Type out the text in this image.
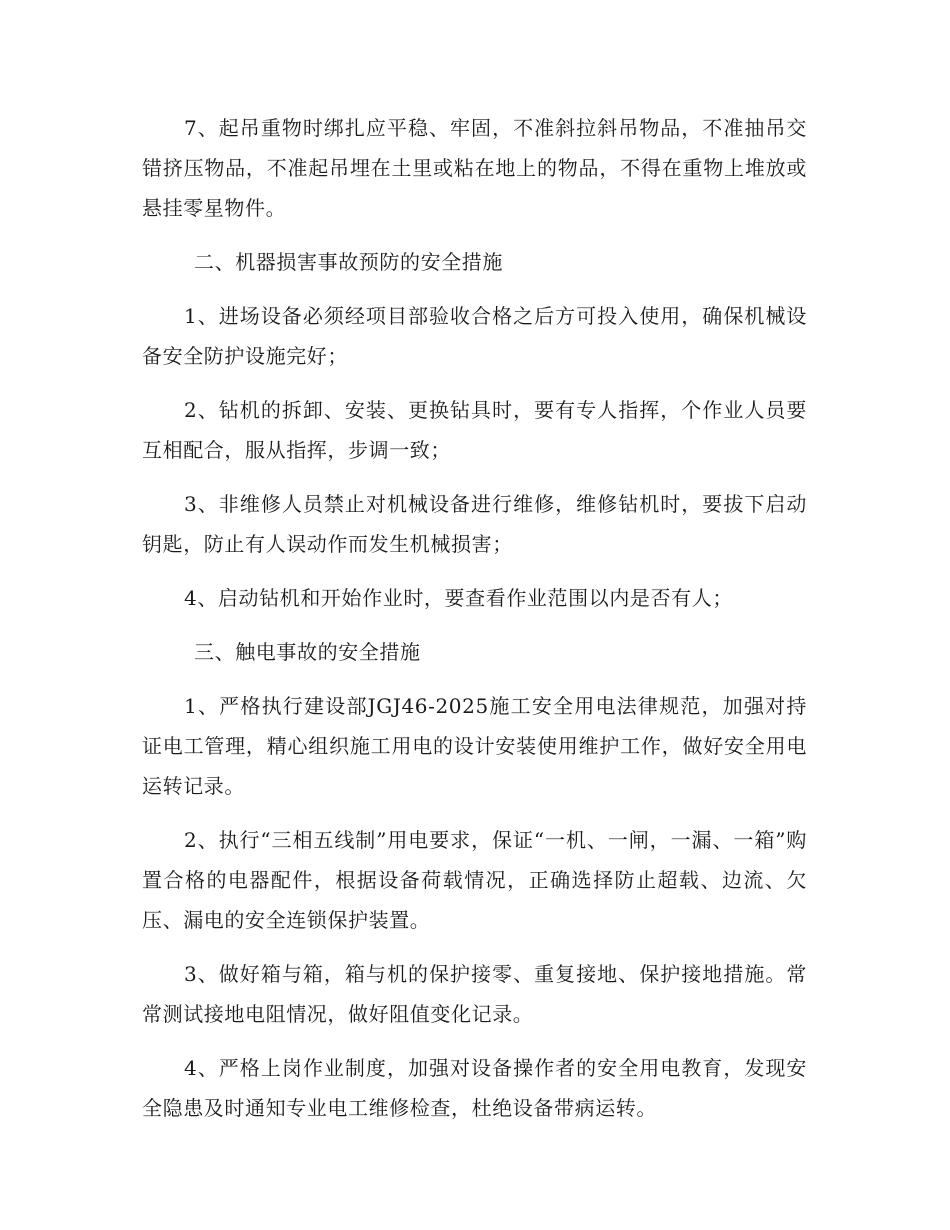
7、起吊重物时绑扎应平稳、牢固，不准斜拉斜吊物品，不准抽吊交错挤压物品，不准起吊埋在土里或粘在地上的物品，不得在重物上堆放或悬挂零星物件。

二、机器损害事故预防的安全措施

1、进场设备必须经项目部验收合格之后方可投入使用，确保机械设备安全防护设施完好；

2、钻机的拆卸、安装、更换钻具时，要有专人指挥，个作业人员要互相配合，服从指挥，步调一致；

3、非维修人员禁止对机械设备进行维修，维修钻机时，要拔下启动钥匙，防止有人误动作而发生机械损害；

4、启动钻机和开始作业时，要查看作业范围以内是否有人；

三、触电事故的安全措施

1、严格执行建设部JGJ46-2025施工安全用电法律规范，加强对持证电工管理，精心组织施工用电的设计安装使用维护工作，做好安全用电运转记录。

2、执行“三相五线制”用电要求，保证“一机、一闸，一漏、一箱”购置合格的电器配件，根据设备荷载情况，正确选择防止超载、边流、欠压、漏电的安全连锁保护装置。

3、做好箱与箱，箱与机的保护接零、重复接地、保护接地措施。常常测试接地电阻情况，做好阻值变化记录。

4、严格上岗作业制度，加强对设备操作者的安全用电教育，发现安全隐患及时通知专业电工维修检查，杜绝设备带病运转。
